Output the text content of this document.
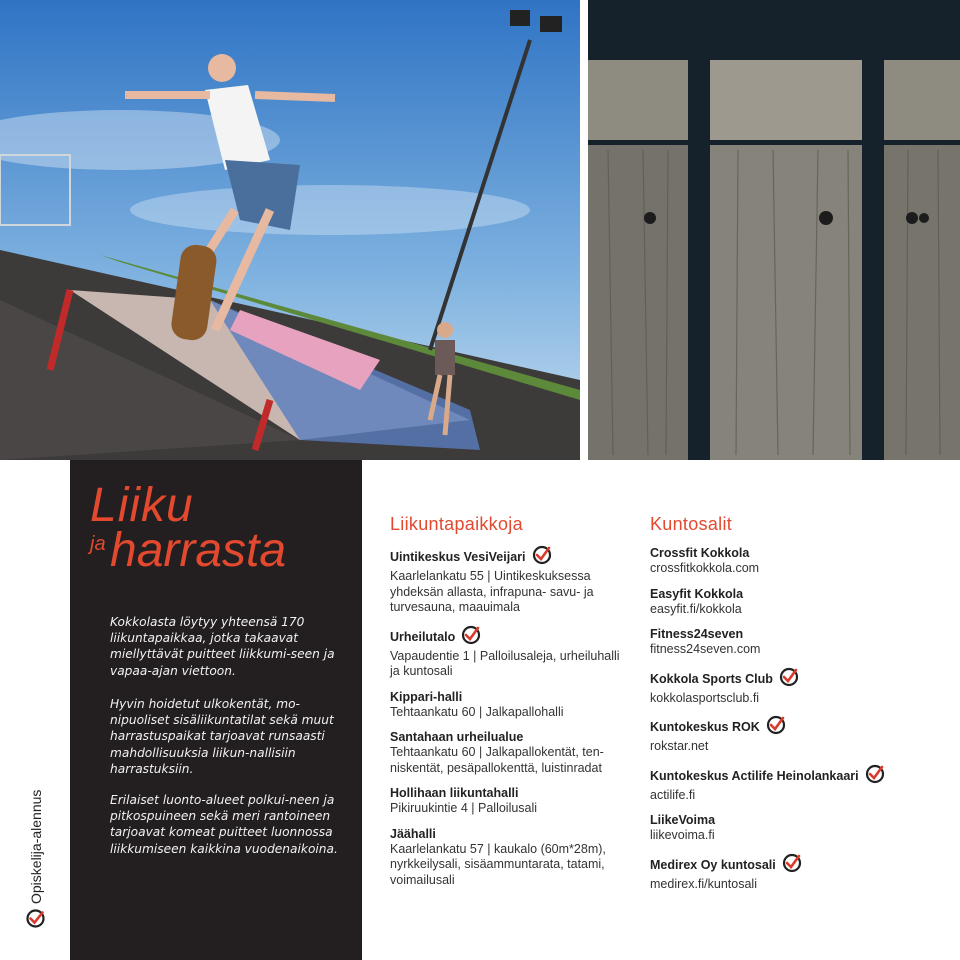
Opiskelija-alennus
Liiku
ja harrasta
Kokkolasta löytyy yhteensä 170 liikuntapaikkaa, jotka takaavat miellyttävät puitteet liikkumi-seen ja vapaa-ajan viettoon.
Hyvin hoidetut ulkokentät, mo-nipuoliset sisäliikuntatilat sekä muut harrastuspaikat tarjoavat runsaasti mahdollisuuksia liikun-nallisiin harrastuksiin.
Erilaiset luonto-alueet polkui-neen ja pitkospuineen sekä meri rantoineen tarjoavat komeat puitteet luonnossa liikkumiseen kaikkina vuodenaikoina.
Liikuntapaikkoja
Uintikeskus VesiVeijari
Kaarlelankatu 55 | Uintikeskuksessa yhdeksän allasta, infrapuna- savu- ja turvesauna, maauimala
Urheilutalo
Vapaudentie 1 | Palloilusaleja, urheiluhalli ja kuntosali
Kippari-halli
Tehtaankatu 60 | Jalkapallohalli
Santahaan urheilualue
Tehtaankatu 60 | Jalkapallokentät, ten-niskentät, pesäpallokenttä, luistinradat
Hollihaan liikuntahalli
Pikiruukintie 4 | Palloilusali
Jäähalli
Kaarlelankatu 57 | kaukalo (60m*28m), nyrkkeilysali, sisäammuntarata, tatami, voimailusali
Kuntosalit
Crossfit Kokkola
crossfitkokkola.com
Easyfit Kokkola
easyfit.fi/kokkola
Fitness24seven
fitness24seven.com
Kokkola Sports Club
kokkolasportsclub.fi
Kuntokeskus ROK
rokstar.net
Kuntokeskus Actilife Heinolankaari
actilife.fi
LiikeVoima
liikevoima.fi
Medirex Oy kuntosali
medirex.fi/kuntosali
